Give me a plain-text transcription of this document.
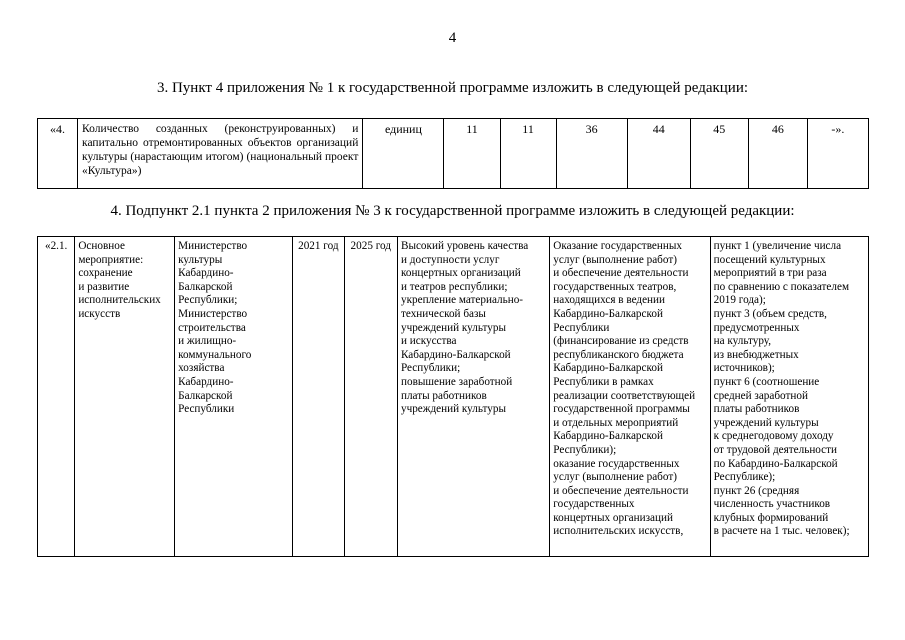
4
3. Пункт 4 приложения № 1 к государственной программе изложить в следующей редакции:
«4.	Количество созданных (реконструированных) и капитально отремонтированных объектов организаций культуры (нарастающим итогом) (национальный проект «Культура»)	единиц	11	11	36	44	45	46	-».
4. Подпункт 2.1 пункта 2 приложения № 3 к государственной программе изложить в следующей редакции:
«2.1.	Основное
мероприятие:
сохранение
и развитие
исполнительских
искусств	Министерство
культуры
Кабардино-
Балкарской
Республики;
Министерство
строительства
и жилищно-
коммунального
хозяйства
Кабардино-
Балкарской
Республики	2021 год	2025 год	Высокий уровень качества
и доступности услуг
концертных организаций
и театров республики;
укрепление материально-
технической базы
учреждений культуры
и искусства
Кабардино-Балкарской
Республики;
повышение заработной
платы работников
учреждений культуры	Оказание государственных
услуг (выполнение работ)
и обеспечение деятельности
государственных театров,
находящихся в ведении
Кабардино-Балкарской
Республики
(финансирование из средств
республиканского бюджета
Кабардино-Балкарской
Республики в рамках
реализации соответствующей
государственной программы
и отдельных мероприятий
Кабардино-Балкарской
Республики);
оказание государственных
услуг (выполнение работ)
и обеспечение деятельности
государственных
концертных организаций
исполнительских искусств,	пункт 1 (увеличение числа
посещений культурных
мероприятий в три раза
по сравнению с показателем
2019 года);
пункт 3 (объем средств,
предусмотренных
на культуру,
из внебюджетных
источников);
пункт 6 (соотношение
средней заработной
платы работников
учреждений культуры
к среднегодовому доходу
от трудовой деятельности
по Кабардино-Балкарской
Республике);
пункт 26 (средняя
численность участников
клубных формирований
в расчете на 1 тыс. человек);
